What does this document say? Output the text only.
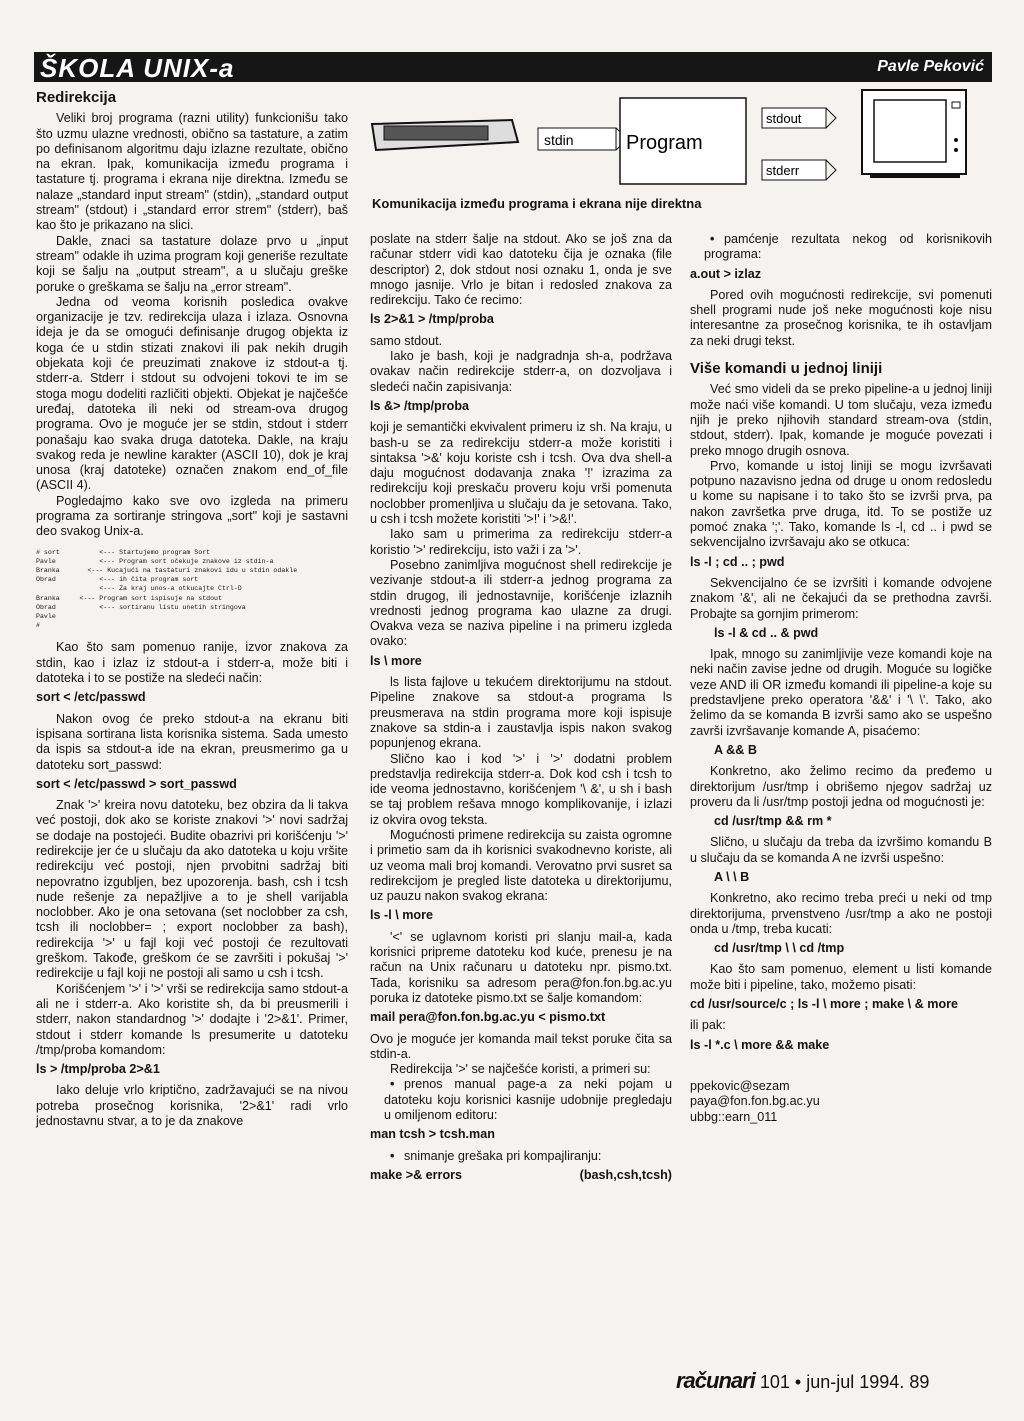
ŠKOLA UNIX-a	Pavle Peković
stdin	Program
stdout
stderr
Komunikacija između programa i ekrana nije direktna
Redirekcija

Veliki broj programa (razni utility) funkcionišu tako što uzmu ulazne vrednosti, obično sa tastature, a zatim po definisanom algoritmu daju izlazne rezultate, obično na ekran. Ipak, komunikacija između programa i tastature tj. programa i ekrana nije direktna. Između se nalaze „standard input stream" (stdin), „standard output stream" (stdout) i „standard error strem" (stderr), baš kao što je prikazano na slici.

Dakle, znaci sa tastature dolaze prvo u „input stream" odakle ih uzima program koji generiše rezultate koji se šalju na „output stream", a u slučaju greške poruke o greškama se šalju na „error stream".

Jedna od veoma korisnih posledica ovakve organizacije je tzv. redirekcija ulaza i izlaza. Osnovna ideja je da se omogući definisanje drugog objekta iz koga će u stdin stizati znakovi ili pak nekih drugih objekata koji će preuzimati znakove iz stdout-a tj. stderr-a. Stderr i stdout su odvojeni tokovi te im se stoga mogu dodeliti različiti objekti. Objekat je najčešće uređaj, datoteka ili neki od stream-ova drugog programa. Ovo je moguće jer se stdin, stdout i stderr ponašaju kao svaka druga datoteka. Dakle, na kraju svakog reda je newline karakter (ASCII 10), dok je kraj unosa (kraj datoteke) označen znakom end_of_file (ASCII 4).

Pogledajmo kako sve ovo izgleda na primeru programa za sortiranje stringova „sort" koji je sastavni deo svakog Unix-a.

# sort          <--- Startujemo program Sort
Pavle           <--- Program sort očekuje znakove iz stdin-a
Branka       <--- Kucajući na tastaturi znakovi idu u stdin odakle
Obrad           <--- ih čita program sort
<--- Za kraj unos-a otkucajte Ctrl-D
Branka     <--- Program sort ispisuje na stdout
Obrad           <--- sortiranu listu unetih stringova
Pavle
#

Kao što sam pomenuo ranije, izvor znakova za stdin, kao i izlaz iz stdout-a i stderr-a, može biti i datoteka i to se postiže na sledeći način:

sort < /etc/passwd

Nakon ovog će preko stdout-a na ekranu biti ispisana sortirana lista korisnika sistema. Sada umesto da ispis sa stdout-a ide na ekran, preusmerimo ga u datoteku sort_passwd:

sort < /etc/passwd > sort_passwd

Znak '>' kreira novu datoteku, bez obzira da li takva već postoji, dok ako se koriste znakovi '>' novi sadržaj se dodaje na postojeći. Budite obazrivi pri korišćenju '>' redirekcije jer će u slučaju da ako datoteka u koju vršite redirekciju već postoji, njen prvobitni sadržaj biti nepovratno izgubljen, bez upozorenja. bash, csh i tcsh nude rešenje za nepažljive a to je shell varijabla noclobber. Ako je ona setovana (set noclobber za csh, tcsh ili noclobber= ; export noclobber za bash), redirekcija '>' u fajl koji već postoji će rezultovati greškom. Takođe, greškom će se završiti i pokušaj '>' redirekcije u fajl koji ne postoji ali samo u csh i tcsh.

Korišćenjem '>' i '>' vrši se redirekcija samo stdout-a ali ne i stderr-a. Ako koristite sh, da bi preusmerili i stderr, nakon standardnog '>' dodajte i '2>&1'. Primer, stdout i stderr komande ls presumerite u datoteku /tmp/proba komandom:

ls > /tmp/proba 2>&1

Iako deluje vrlo kriptično, zadržavajući se na nivou potreba prosečnog korisnika, '2>&1' radi vrlo jednostavnu stvar, a to je da znakove

poslate na stderr šalje na stdout. Ako se još zna da računar stderr vidi kao datoteku čija je oznaka (file descriptor) 2, dok stdout nosi oznaku 1, onda je sve mnogo jasnije. Vrlo je bitan i redosled znakova za redirekciju. Tako će recimo:

ls 2>&1 > /tmp/proba

samo stdout.

Iako je bash, koji je nadgradnja sh-a, podržava ovakav način redirekcije stderr-a, on dozvoljava i sledeći način zapisivanja:

ls &> /tmp/proba

koji je semantički ekvivalent primeru iz sh. Na kraju, u bash-u se za redirekciju stderr-a može koristiti i sintaksa '>&' koju koriste csh i tcsh. Ova dva shell-a daju mogućnost dodavanja znaka '!' izrazima za redirekciju koji preskaču proveru koju vrši pomenuta noclobber promenljiva u slučaju da je setovana. Tako, u csh i tcsh možete koristiti '>!' i '>&!'.

Iako sam u primerima za redirekciju stderr-a koristio '>' redirekciju, isto važi i za '>'.

Posebno zanimljiva mogućnost shell redirekcije je vezivanje stdout-a ili stderr-a jednog programa za stdin drugog, ili jednostavnije, korišćenje izlaznih vrednosti jednog programa kao ulazne za drugi. Ovakva veza se naziva pipeline i na primeru izgleda ovako:

ls \ more

ls lista fajlove u tekućem direktorijumu na stdout. Pipeline znakove sa stdout-a programa ls preusmerava na stdin programa more koji ispisuje znakove sa stdin-a i zaustavlja ispis nakon svakog popunjenog ekrana.

Slično kao i kod '>' i '>' dodatni problem predstavlja redirekcija stderr-a. Dok kod csh i tcsh to ide veoma jednostavno, korišćenjem '\ &', u sh i bash se taj problem rešava mnogo komplikovanije, i izlazi iz okvira ovog teksta.

Mogućnosti primene redirekcija su zaista ogromne i primetio sam da ih korisnici svakodnevno koriste, ali uz veoma mali broj komandi. Verovatno prvi susret sa redirekcijom je pregled liste datoteka u direktorijumu, uz pauzu nakon svakog ekrana:

ls -l \ more

'<' se uglavnom koristi pri slanju mail-a, kada korisnici pripreme datoteku kod kuće, prenesu je na račun na Unix računaru u datoteku npr. pismo.txt. Tada, korisniku sa adresom pera@fon.fon.bg.ac.yu poruka iz datoteke pismo.txt se šalje komandom:

mail pera@fon.fon.bg.ac.yu < pismo.txt

Ovo je moguće jer komanda mail tekst poruke čita sa stdin-a.

Redirekcija '>' se najčešće koristi, a primeri su:

• prenos manual page-a za neki pojam u datoteku koju korisnici kasnije udobnije pregledaju u omiljenom editoru:

man tcsh > tcsh.man

• snimanje grešaka pri kompajliranju:

make >& errors	(bash,csh,tcsh)

• pamćenje rezultata nekog od korisnikovih programa:

a.out > izlaz

Pored ovih mogućnosti redirekcije, svi pomenuti shell programi nude još neke mogućnosti koje nisu interesantne za prosečnog korisnika, te ih ostavljam za neki drugi tekst.

Više komandi u jednoj liniji

Već smo videli da se preko pipeline-a u jednoj liniji može naći više komandi. U tom slučaju, veza između njih je preko njihovih standard stream-ova (stdin, stdout, stderr). Ipak, komande je moguće povezati i preko mnogo drugih osnova.

Prvo, komande u istoj liniji se mogu izvršavati potpuno nazavisno jedna od druge u onom redosledu u kome su napisane i to tako što se izvrši prva, pa nakon završetka prve druga, itd. To se postiže uz pomoć znaka ';'. Tako, komande ls -l, cd .. i pwd se sekvencijalno izvršavaju ako se otkuca:

ls -l ; cd .. ; pwd

Sekvencijalno će se izvršiti i komande odvojene znakom '&', ali ne čekajući da se prethodna završi. Probajte sa gornjim primerom:

ls -l & cd .. & pwd

Ipak, mnogo su zanimljivije veze komandi koje na neki način zavise jedne od drugih. Moguće su logičke veze AND ili OR između komandi ili pipeline-a koje su predstavljene preko operatora '&&' i '\ \'. Tako, ako želimo da se komanda B izvrši samo ako se uspešno završi izvršavanje komande A, pisaćemo:

A && B

Konkretno, ako želimo recimo da pređemo u direktorijum /usr/tmp i obrišemo njegov sadržaj uz proveru da li /usr/tmp postoji jedna od mogućnosti je:

cd /usr/tmp && rm *

Slično, u slučaju da treba da izvršimo komandu B u slučaju da se komanda A ne izvrši uspešno:

A \ \ B

Konkretno, ako recimo treba preći u neki od tmp direktorijuma, prvenstveno /usr/tmp a ako ne postoji onda u /tmp, treba kucati:

cd /usr/tmp \ \ cd /tmp

Kao što sam pomenuo, element u listi komande može biti i pipeline, tako, možemo pisati:

cd /usr/source/c ; ls -l \ more ; make \ & more

ili pak:

ls -l *.c \ more && make

ppekovic@sezam

paya@fon.fon.bg.ac.yu

ubbg::earn_011

računari 101 • jun-jul 1994. 89
